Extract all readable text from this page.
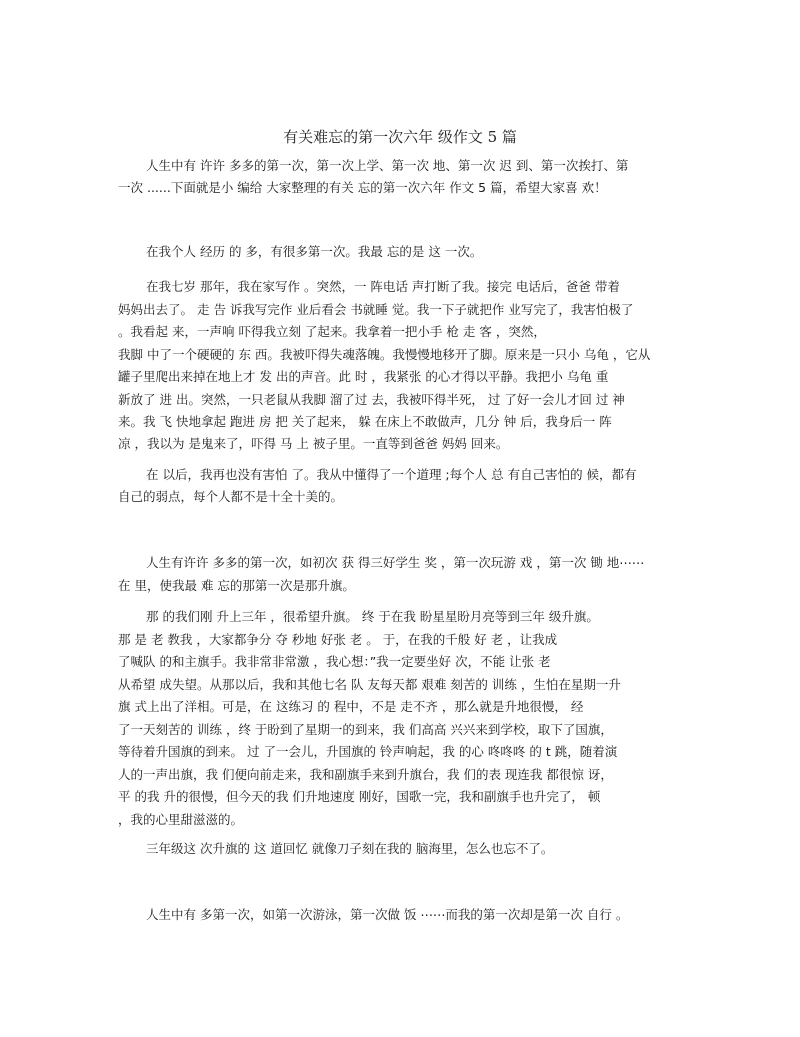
有关难忘的第一次六年 级作文 5 篇
人生中有 许许 多多的第一次，第一次上学、第一次 地、第一次 迟 到、第一次挨打、第
一次 ......下面就是小 编给 大家整理的有关 忘的第一次六年 作文 5 篇，希望大家喜 欢！
在我个人 经历 的 多，有很多第一次。我最 忘的是 这 一次。
在我七岁 那年，我在家写作 。突然，一 阵电话 声打断了我。接完 电话后，爸爸 带着
妈妈出去了。 走 告 诉我写完作 业后看会 书就睡 觉。我一下子就把作 业写完了，我害怕极了
。我看起 来，一声响 吓得我立刻 了起来。我拿着一把小手 枪 走 客 ，突然，
我脚 中了一个硬硬的 东 西。我被吓得失魂落魄。我慢慢地移开了脚。原来是一只小 乌龟 ，它从
罐子里爬出来掉在地上才 发 出的声音。此 时 ，我紧张 的心才得以平静。我把小 乌龟 重
新放了 进 出。突然，一只老鼠从我脚 溜了过 去，我被吓得半死， 过 了好一会儿才回 过 神
来。我 飞 快地拿起 跑进 房 把 关了起来， 躲 在床上不敢做声，几分 钟 后，我身后一 阵
凉 ，我以为 是鬼来了，吓得 马 上 被子里。一直等到爸爸 妈妈 回来。
在 以后，我再也没有害怕 了。我从中懂得了一个道理 ;每个人 总 有自己害怕的 候，都有
自己的弱点，每个人都不是十全十美的。
人生有许许 多多的第一次，如初次 获 得三好学生 奖 ，第一次玩游 戏 ，第一次 锄 地⋯⋯
在 里，使我最 难 忘的那第一次是那升旗。
那 的我们刚 升上三年 ，很希望升旗。 终 于在我 盼星星盼月亮等到三年 级升旗。
那 是 老 教我 ，大家都争分 夺 秒地 好张 老 。 于，在我的千般 好 老 ，让我成
了喊队 的和主旗手。我非常非常激 ，我心想：”我一定要坐好 次，不能 让张 老
从希望 成失望。从那以后，我和其他七名 队 友每天都 艰难 刻苦的 训练 ，生怕在星期一升
旗 式上出了洋相。可是，在 这练习 的 程中，不是 走不齐 ，那么就是升地很慢， 经
了一天刻苦的 训练 ，终 于盼到了星期一的到来，我 们高高 兴兴来到学校，取下了国旗，
等待着升国旗的到来。 过 了一会儿，升国旗的 铃声响起，我 的心 咚咚咚 的 t 跳，随着演
人的一声出旗，我 们便向前走来，我和副旗手来到升旗台，我 们的表 现连我 都很惊 讶，
平 的我 升的很慢，但今天的我 们升地速度 刚好，国歌一完，我和副旗手也升完了， 顿
，我的心里甜滋滋的。
三年级这 次升旗的 这 道回忆 就像刀子刻在我的 脑海里，怎么也忘不了。
人生中有 多第一次，如第一次游泳，第一次做 饭 ⋯⋯而我的第一次却是第一次 自行 。
